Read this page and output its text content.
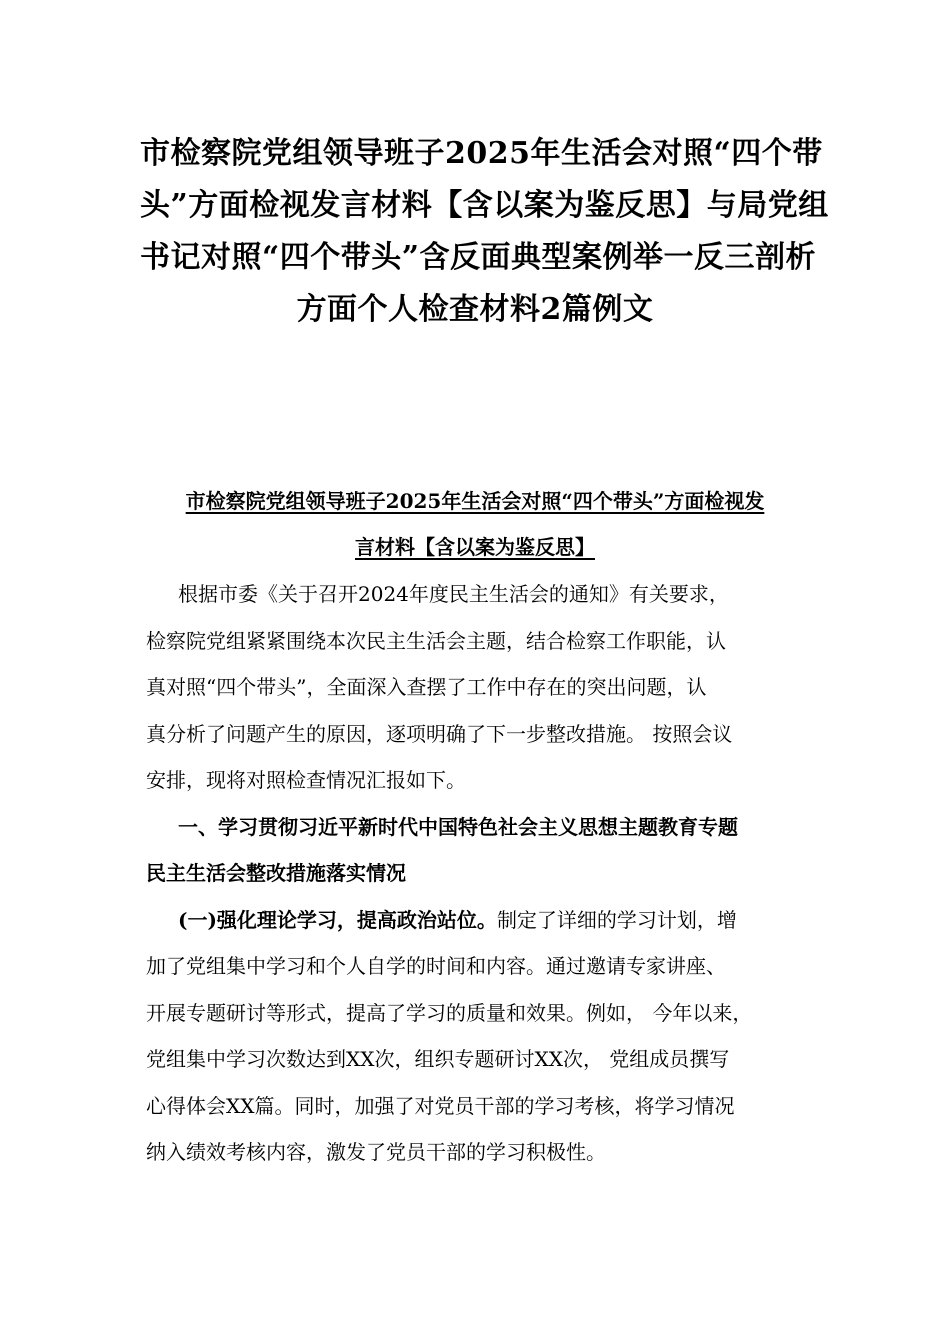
市检察院党组领导班子2025年生活会对照“四个带
头”方面检视发言材料【含以案为鉴反思】与局党组
书记对照“四个带头”含反面典型案例举一反三剖析
方面个人检查材料2篇例文
市检察院党组领导班子2025年生活会对照“四个带头”方面检视发
言材料【含以案为鉴反思】
根据市委《关于召开2024年度民主生活会的通知》有关要求，
检察院党组紧紧围绕本次民主生活会主题，结合检察工作职能，认
真对照“四个带头”，全面深入查摆了工作中存在的突出问题，认
真分析了问题产生的原因，逐项明确了下一步整改措施。 按照会议
安排，现将对照检查情况汇报如下。
一、学习贯彻习近平新时代中国特色社会主义思想主题教育专题
民主生活会整改措施落实情况
(一)强化理论学习，提高政治站位。制定了详细的学习计划，增
加了党组集中学习和个人自学的时间和内容。通过邀请专家讲座、
开展专题研讨等形式，提高了学习的质量和效果。例如， 今年以来，
党组集中学习次数达到XX次，组织专题研讨XX次， 党组成员撰写
心得体会XX篇。同时，加强了对党员干部的学习考核，将学习情况
纳入绩效考核内容，激发了党员干部的学习积极性。
